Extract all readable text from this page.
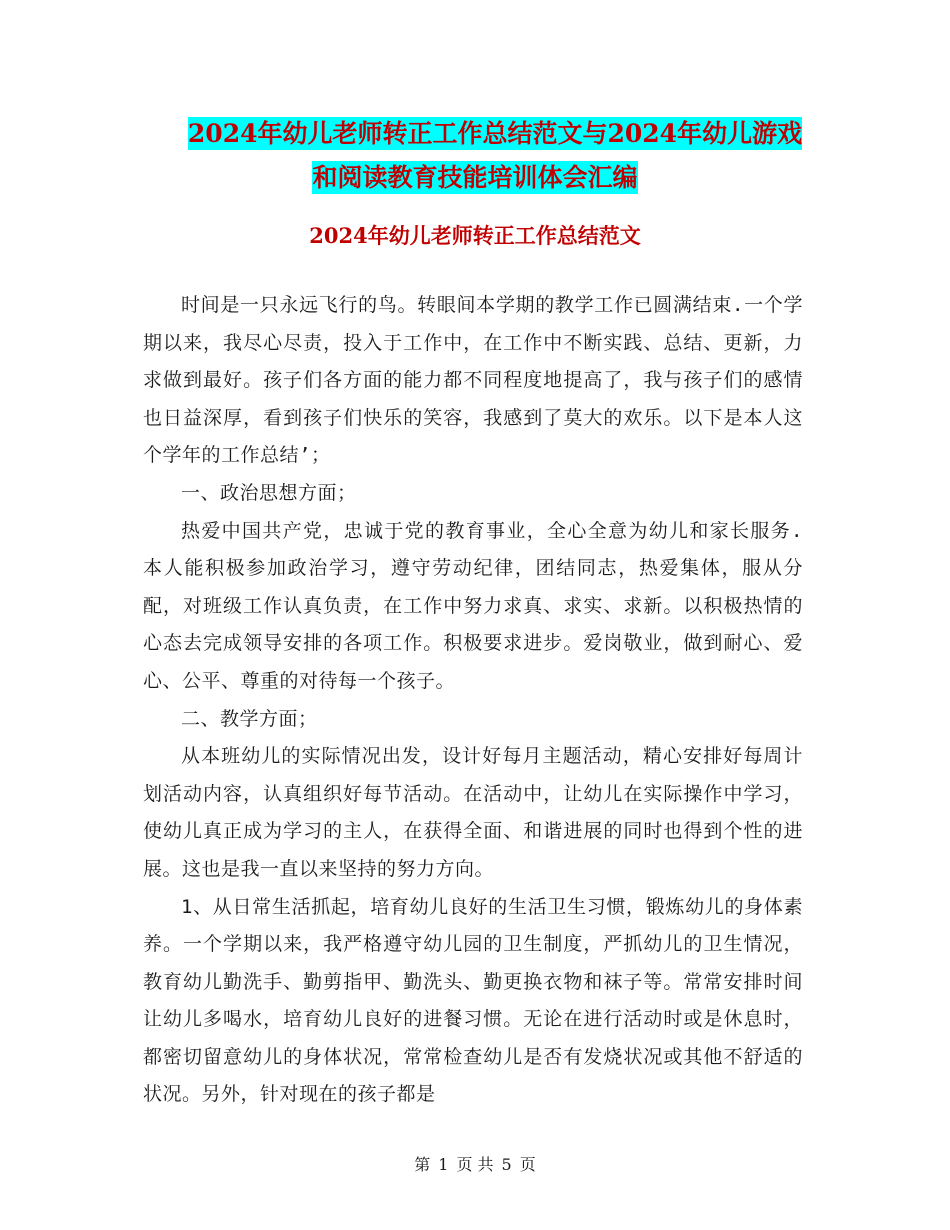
2024年幼儿老师转正工作总结范文与2024年幼儿游戏
和阅读教育技能培训体会汇编
2024年幼儿老师转正工作总结范文

时间是一只永远飞行的鸟。转眼间本学期的教学工作已圆满结束.一个学期以来，我尽心尽责，投入于工作中，在工作中不断实践、总结、更新，力求做到最好。孩子们各方面的能力都不同程度地提高了，我与孩子们的感情也日益深厚，看到孩子们快乐的笑容，我感到了莫大的欢乐。以下是本人这个学年的工作总结’；

一、政治思想方面；

热爱中国共产党，忠诚于党的教育事业，全心全意为幼儿和家长服务. 本人能积极参加政治学习，遵守劳动纪律，团结同志，热爱集体，服从分配，对班级工作认真负责，在工作中努力求真、求实、求新。以积极热情的心态去完成领导安排的各项工作。积极要求进步。爱岗敬业，做到耐心、爱心、公平、尊重的对待每一个孩子。

二、教学方面；

从本班幼儿的实际情况出发，设计好每月主题活动，精心安排好每周计划活动内容，认真组织好每节活动。在活动中，让幼儿在实际操作中学习，使幼儿真正成为学习的主人，在获得全面、和谐进展的同时也得到个性的进展。这也是我一直以来坚持的努力方向。

1、从日常生活抓起，培育幼儿良好的生活卫生习惯，锻炼幼儿的身体素养。一个学期以来，我严格遵守幼儿园的卫生制度，严抓幼儿的卫生情况，教育幼儿勤洗手、勤剪指甲、勤洗头、勤更换衣物和袜子等。常常安排时间让幼儿多喝水，培育幼儿良好的进餐习惯。无论在进行活动时或是休息时，都密切留意幼儿的身体状况，常常检查幼儿是否有发烧状况或其他不舒适的状况。另外，针对现在的孩子都是

第 1 页 共 5 页
